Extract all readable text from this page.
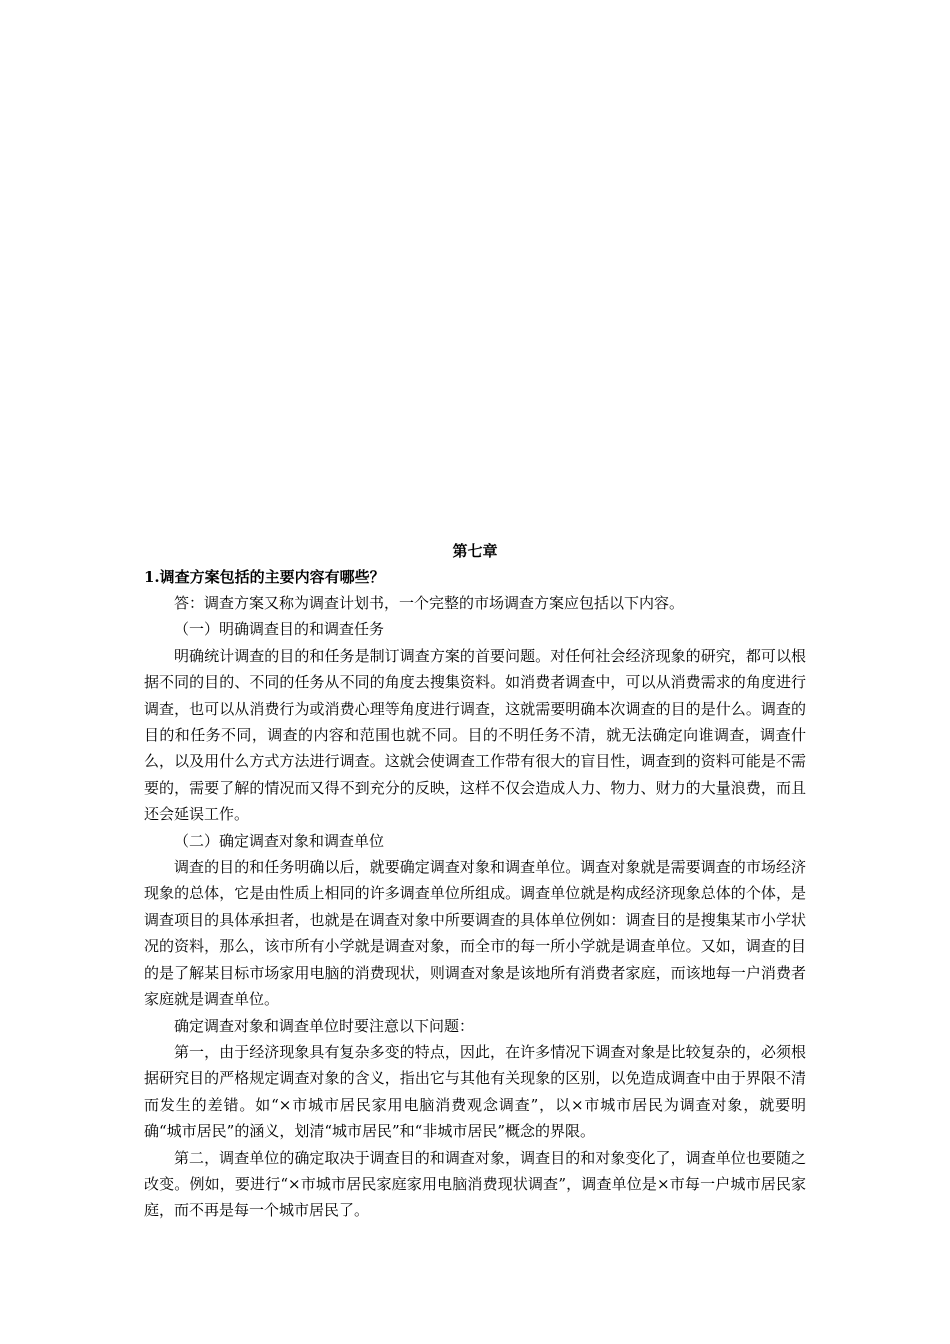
第七章

1.调查方案包括的主要内容有哪些？

答：调查方案又称为调查计划书，一个完整的市场调查方案应包括以下内容。

（一）明确调查目的和调查任务

明确统计调查的目的和任务是制订调查方案的首要问题。对任何社会经济现象的研究，都可以根据不同的目的、不同的任务从不同的角度去搜集资料。如消费者调查中，可以从消费需求的角度进行调查，也可以从消费行为或消费心理等角度进行调查，这就需要明确本次调查的目的是什么。调查的目的和任务不同，调查的内容和范围也就不同。目的不明任务不清，就无法确定向谁调查，调查什么，以及用什么方式方法进行调查。这就会使调查工作带有很大的盲目性，调查到的资料可能是不需要的，需要了解的情况而又得不到充分的反映，这样不仅会造成人力、物力、财力的大量浪费，而且还会延误工作。

（二）确定调查对象和调查单位

调查的目的和任务明确以后，就要确定调查对象和调查单位。调查对象就是需要调查的市场经济现象的总体，它是由性质上相同的许多调查单位所组成。调查单位就是构成经济现象总体的个体，是调查项目的具体承担者，也就是在调查对象中所要调查的具体单位例如：调查目的是搜集某市小学状况的资料，那么，该市所有小学就是调查对象，而全市的每一所小学就是调查单位。又如，调查的目的是了解某目标市场家用电脑的消费现状，则调查对象是该地所有消费者家庭，而该地每一户消费者家庭就是调查单位。

确定调查对象和调查单位时要注意以下问题：

第一，由于经济现象具有复杂多变的特点，因此，在许多情况下调查对象是比较复杂的，必须根据研究目的严格规定调查对象的含义，指出它与其他有关现象的区别，以免造成调查中由于界限不清而发生的差错。如“×市城市居民家用电脑消费观念调查”，以×市城市居民为调查对象，就要明确“城市居民”的涵义，划清“城市居民”和“非城市居民”概念的界限。

第二，调查单位的确定取决于调查目的和调查对象，调查目的和对象变化了，调查单位也要随之改变。例如，要进行“×市城市居民家庭家用电脑消费现状调查”，调查单位是×市每一户城市居民家庭，而不再是每一个城市居民了。
